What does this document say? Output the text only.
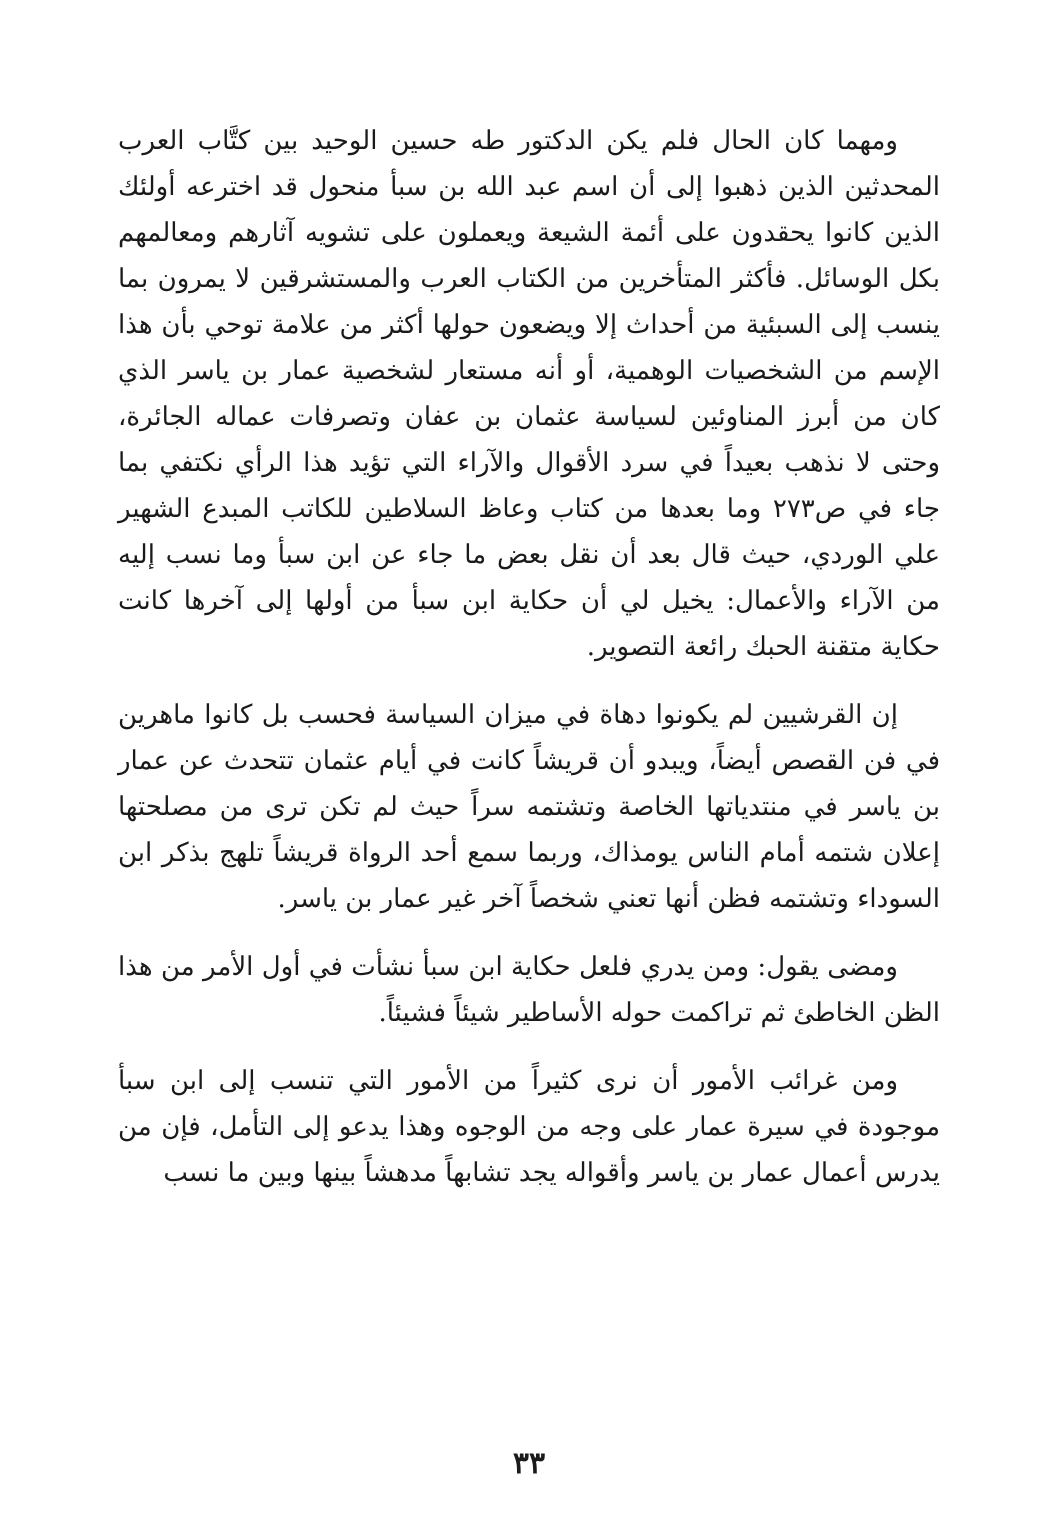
ومهما كان الحال فلم يكن الدكتور طه حسين الوحيد بين كتَّاب العرب المحدثين الذين ذهبوا إلى أن اسم عبد الله بن سبأ منحول قد اخترعه أولئك الذين كانوا يحقدون على أئمة الشيعة ويعملون على تشويه آثارهم ومعالمهم بكل الوسائل. فأكثر المتأخرين من الكتاب العرب والمستشرقين لا يمرون بما ينسب إلى السبئية من أحداث إلا ويضعون حولها أكثر من علامة توحي بأن هذا الإسم من الشخصيات الوهمية، أو أنه مستعار لشخصية عمار بن ياسر الذي كان من أبرز المناوئين لسياسة عثمان بن عفان وتصرفات عماله الجائرة، وحتى لا نذهب بعيداً في سرد الأقوال والآراء التي تؤيد هذا الرأي نكتفي بما جاء في ص٢٧٣ وما بعدها من كتاب وعاظ السلاطين للكاتب المبدع الشهير علي الوردي، حيث قال بعد أن نقل بعض ما جاء عن ابن سبأ وما نسب إليه من الآراء والأعمال: يخيل لي أن حكاية ابن سبأ من أولها إلى آخرها كانت حكاية متقنة الحبك رائعة التصوير.

إن القرشيين لم يكونوا دهاة في ميزان السياسة فحسب بل كانوا ماهرين في فن القصص أيضاً، ويبدو أن قريشاً كانت في أيام عثمان تتحدث عن عمار بن ياسر في منتدياتها الخاصة وتشتمه سراً حيث لم تكن ترى من مصلحتها إعلان شتمه أمام الناس يومذاك، وربما سمع أحد الرواة قريشاً تلهج بذكر ابن السوداء وتشتمه فظن أنها تعني شخصاً آخر غير عمار بن ياسر.

ومضى يقول: ومن يدري فلعل حكاية ابن سبأ نشأت في أول الأمر من هذا الظن الخاطئ ثم تراكمت حوله الأساطير شيئاً فشيئاً.

ومن غرائب الأمور أن نرى كثيراً من الأمور التي تنسب إلى ابن سبأ موجودة في سيرة عمار على وجه من الوجوه وهذا يدعو إلى التأمل، فإن من يدرس أعمال عمار بن ياسر وأقواله يجد تشابهاً مدهشاً بينها وبين ما نسب

٣٣
